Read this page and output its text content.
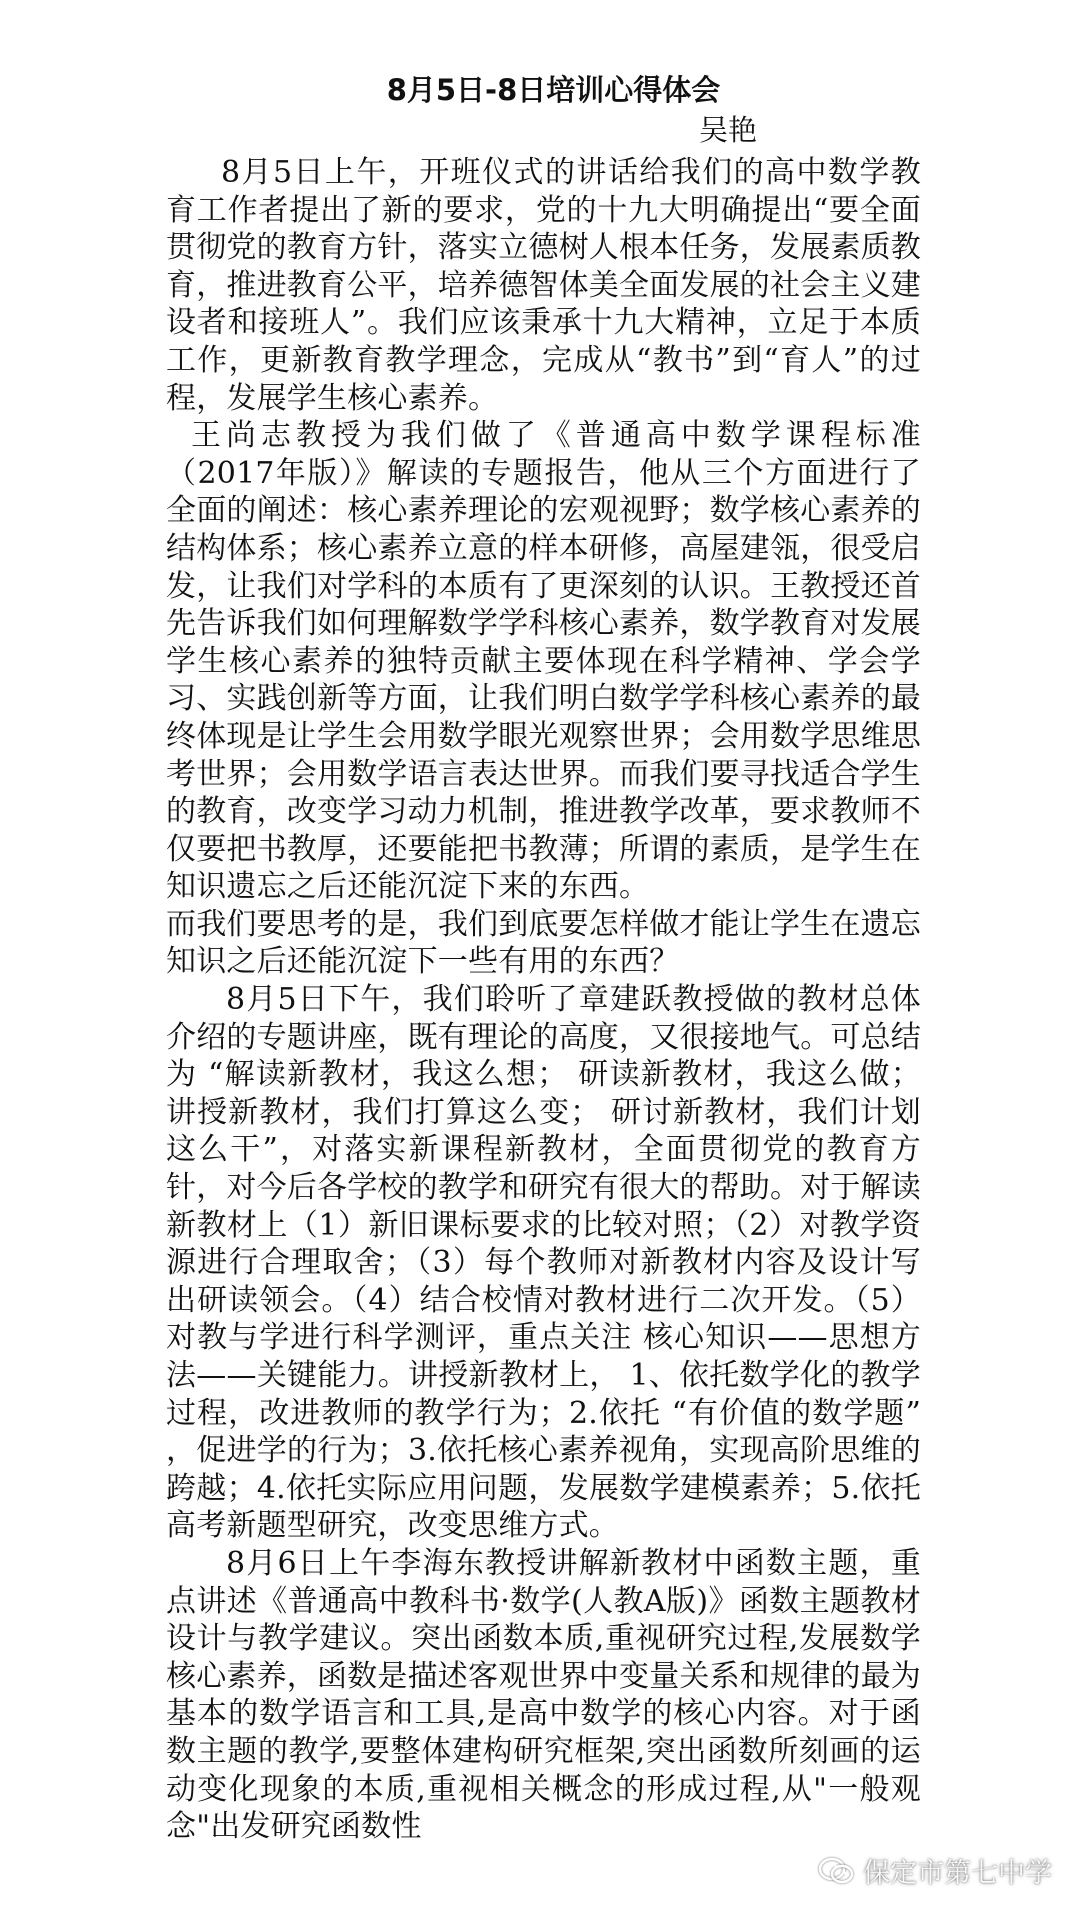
8月5日-8日培训心得体会
吴艳

8月5日上午，开班仪式的讲话给我们的高中数学教育工作者提出了新的要求，党的十九大明确提出“要全面贯彻党的教育方针，落实立德树人根本任务，发展素质教育，推进教育公平，培养德智体美全面发展的社会主义建设者和接班人”。我们应该秉承十九大精神，立足于本质工作，更新教育教学理念，完成从“教书”到“育人”的过程，发展学生核心素养。

王尚志教授为我们做了《普通高中数学课程标准（2017年版）》解读的专题报告，他从三个方面进行了全面的阐述：核心素养理论的宏观视野；数学核心素养的结构体系；核心素养立意的样本研修，高屋建瓴，很受启发，让我们对学科的本质有了更深刻的认识。王教授还首先告诉我们如何理解数学学科核心素养，数学教育对发展学生核心素养的独特贡献主要体现在科学精神、学会学习、实践创新等方面，让我们明白数学学科核心素养的最终体现是让学生会用数学眼光观察世界；会用数学思维思考世界；会用数学语言表达世界。而我们要寻找适合学生的教育，改变学习动力机制，推进教学改革，要求教师不仅要把书教厚，还要能把书教薄；所谓的素质，是学生在知识遗忘之后还能沉淀下来的东西。

而我们要思考的是，我们到底要怎样做才能让学生在遗忘知识之后还能沉淀下一些有用的东西？

8月5日下午，我们聆听了章建跃教授做的教材总体介绍的专题讲座，既有理论的高度，又很接地气。可总结为 “解读新教材，我这么想； 研读新教材，我这么做； 讲授新教材，我们打算这么变； 研讨新教材，我们计划这么干”，对落实新课程新教材，全面贯彻党的教育方针，对今后各学校的教学和研究有很大的帮助。对于解读新教材上（1）新旧课标要求的比较对照；（2）对教学资源进行合理取舍；（3）每个教师对新教材内容及设计写出研读领会。（4）结合校情对教材进行二次开发。（5）对教与学进行科学测评，重点关注 核心知识——思想方法——关键能力。讲授新教材上， 1、依托数学化的教学过程，改进教师的教学行为；2.依托 “有价值的数学题” ，促进学的行为；3.依托核心素养视角，实现高阶思维的跨越；4.依托实际应用问题，发展数学建模素养；5.依托高考新题型研究，改变思维方式。

8月6日上午李海东教授讲解新教材中函数主题，重点讲述《普通高中教科书·数学(人教A版)》函数主题教材设计与教学建议。突出函数本质,重视研究过程,发展数学核心素养，函数是描述客观世界中变量关系和规律的最为基本的数学语言和工具,是高中数学的核心内容。对于函数主题的教学,要整体建构研究框架,突出函数所刻画的运动变化现象的本质,重视相关概念的形成过程,从"一般观念"出发研究函数性

保定市第七中学
